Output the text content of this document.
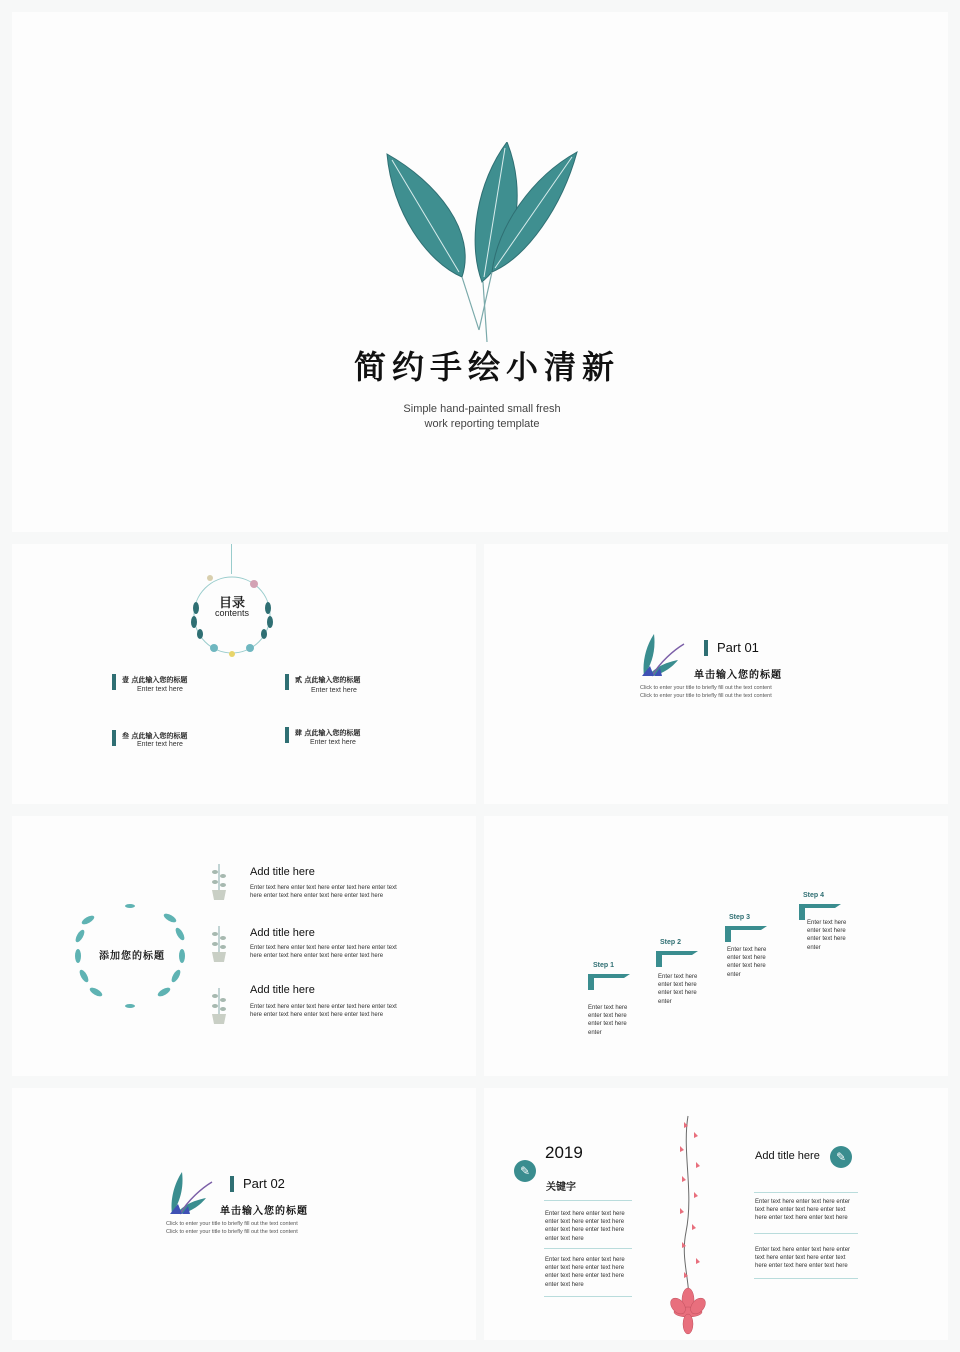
简约手绘小清新
Simple hand-painted small fresh
work reporting template
目录
contents
壹 点此输入您的标题
Enter text here
贰 点此输入您的标题
Enter text here
叁 点此输入您的标题
Enter text here
肆 点此输入您的标题
Enter text here
Part 01
单击输入您的标题
Click to enter your title to briefly fill out the text content
Click to enter your title to briefly fill out the text content
添加您的标题
Add title here
Enter text here enter text here enter text here enter text
here enter text here enter text here enter text here
Add title here
Enter text here enter text here enter text here enter text
here enter text here enter text here enter text here
Add title here
Enter text here enter text here enter text here enter text
here enter text here enter text here enter text here
Step 1
Enter text here
enter text here
enter text here
enter
Step 2
Enter text here
enter text here
enter text here
enter
Step 3
Enter text here
enter text here
enter text here
enter
Step 4
Enter text here
enter text here
enter text here
enter
Part 02
单击输入您的标题
Click to enter your title to briefly fill out the text content
Click to enter your title to briefly fill out the text content
✎
2019
关键字
Enter text here enter text here
enter text here enter text here
enter text here enter text here
enter text here
Enter text here enter text here
enter text here enter text here
enter text here enter text here
enter text here
Add title here	✎
Enter text here enter text here enter
text here enter text here enter text
here enter text here enter text here
Enter text here enter text here enter
text here enter text here enter text
here enter text here enter text here
